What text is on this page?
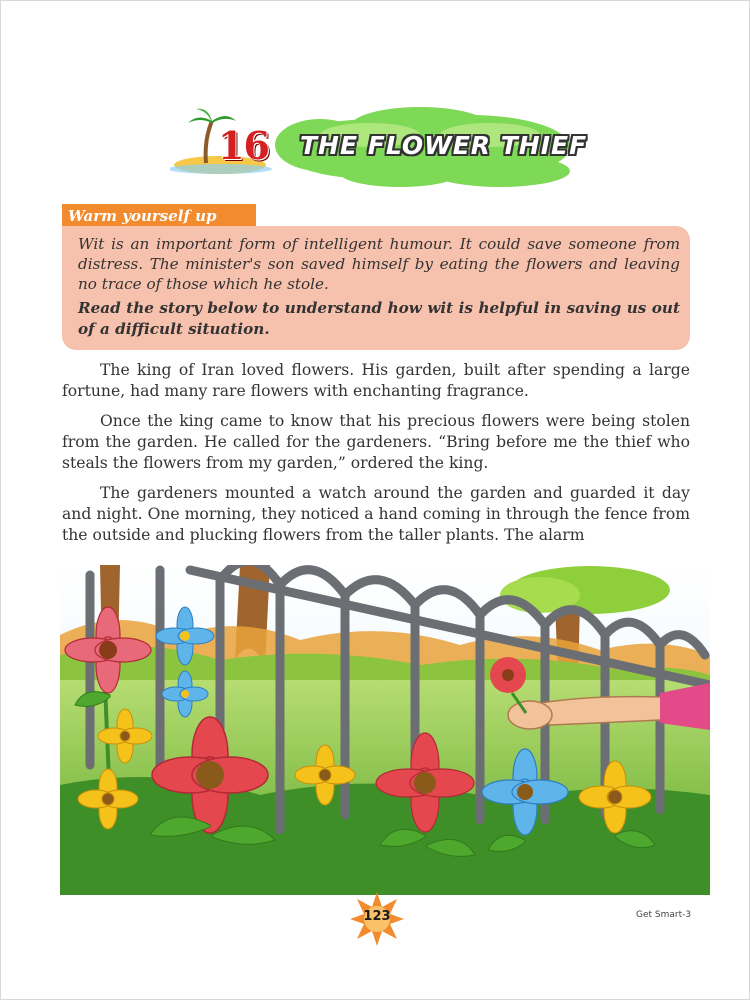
16 THE FLOWER THIEF
Warm yourself up

Wit is an important form of intelligent humour. It could save someone from distress. The minister's son saved himself by eating the flowers and leaving no trace of those which he stole.

Read the story below to understand how wit is helpful in saving us out of a difficult situation.

The king of Iran loved flowers. His garden, built after spending a large fortune, had many rare flowers with enchanting fragrance.

Once the king came to know that his precious flowers were being stolen from the garden. He called for the gardeners. “Bring before me the thief who steals the flowers from my garden,” ordered the king.

The gardeners mounted a watch around the garden and guarded it day and night. One morning, they noticed a hand coming in through the fence from the outside and plucking flowers from the taller plants. The alarm

123	Get Smart-3
